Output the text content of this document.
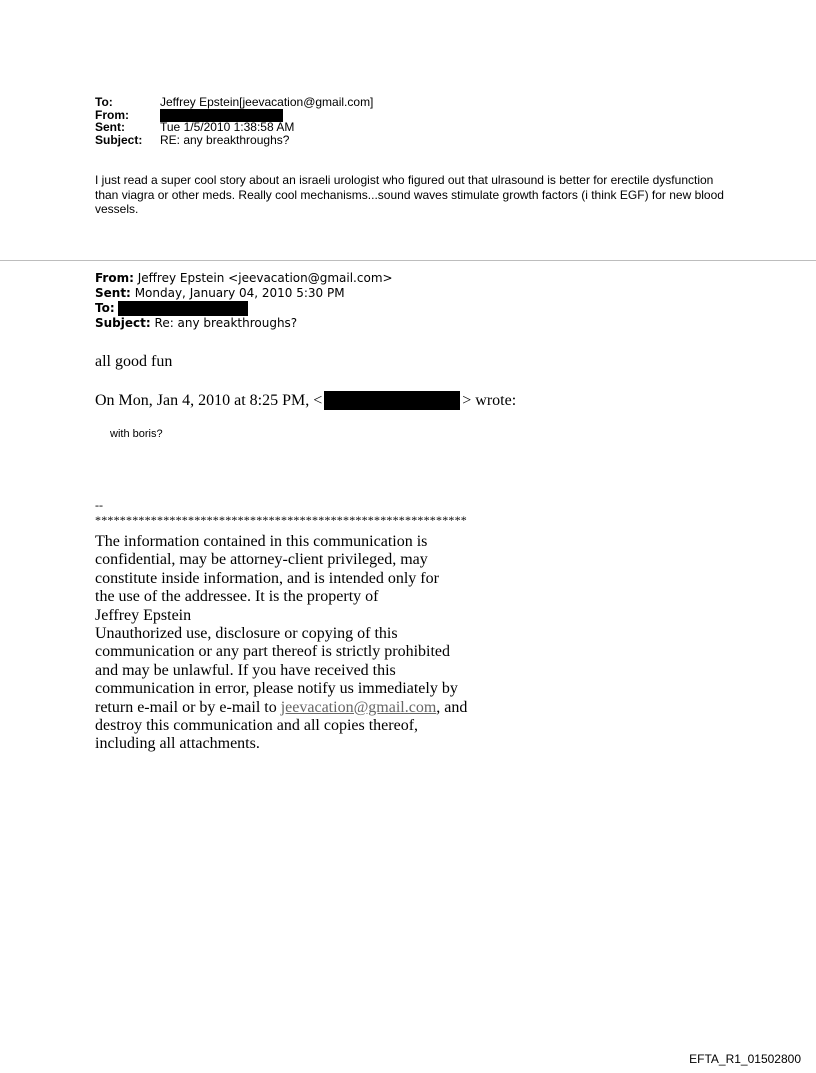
To:	Jeffrey Epstein[jeevacation@gmail.com]
From:
Sent:	Tue 1/5/2010 1:38:58 AM
Subject:	RE: any breakthroughs?
I just read a super cool story about an israeli urologist who figured out that ulrasound is better for erectile dysfunction than viagra or other meds. Really cool mechanisms...sound waves stimulate growth factors (i think EGF) for new blood vessels.
From: Jeffrey Epstein <jeevacation@gmail.com>
Sent: Monday, January 04, 2010 5:30 PM
To:
Subject: Re: any breakthroughs?
all good fun
On Mon, Jan 4, 2010 at 8:25 PM, <	> wrote:
with boris?
--
************************************************************
The information contained in this communication is
confidential, may be attorney-client privileged, may
constitute inside information, and is intended only for
the use of the addressee. It is the property of
Jeffrey Epstein
Unauthorized use, disclosure or copying of this
communication or any part thereof is strictly prohibited
and may be unlawful. If you have received this
communication in error, please notify us immediately by
return e-mail or by e-mail to jeevacation@gmail.com, and
destroy this communication and all copies thereof,
including all attachments.
EFTA_R1_01502800
